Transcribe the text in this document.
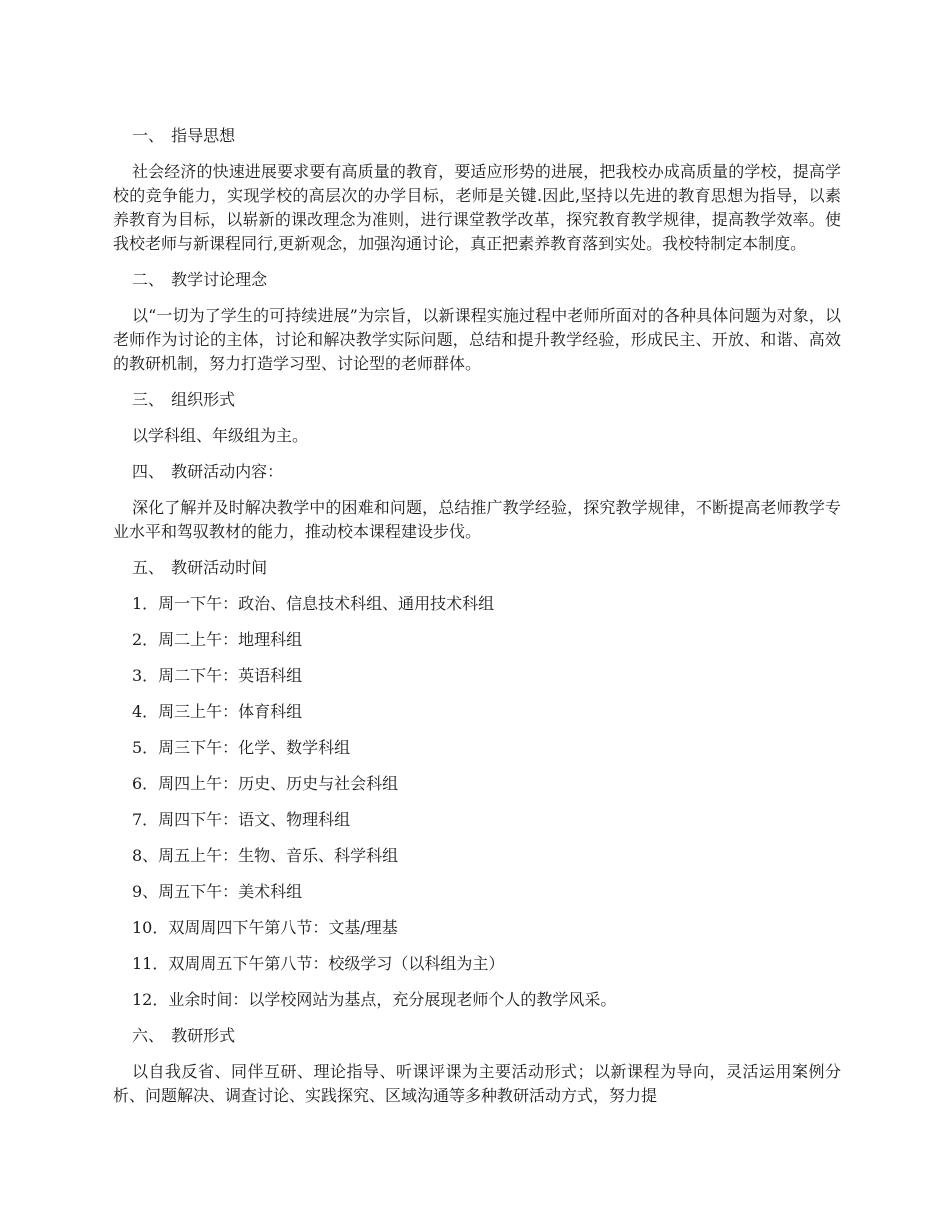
一、 指导思想
社会经济的快速进展要求要有高质量的教育，要适应形势的进展，把我校办成高质量的学校，提高学校的竞争能力，实现学校的高层次的办学目标，老师是关键.因此,坚持以先进的教育思想为指导，以素养教育为目标，以崭新的课改理念为准则，进行课堂教学改革，探究教育教学规律，提高教学效率。使我校老师与新课程同行,更新观念，加强沟通讨论，真正把素养教育落到实处。我校特制定本制度。
二、 教学讨论理念
以“一切为了学生的可持续进展”为宗旨，以新课程实施过程中老师所面对的各种具体问题为对象，以老师作为讨论的主体，讨论和解决教学实际问题，总结和提升教学经验，形成民主、开放、和谐、高效的教研机制，努力打造学习型、讨论型的老师群体。
三、 组织形式
以学科组、年级组为主。
四、 教研活动内容：
深化了解并及时解决教学中的困难和问题，总结推广教学经验，探究教学规律，不断提高老师教学专业水平和驾驭教材的能力，推动校本课程建设步伐。
五、 教研活动时间
1．周一下午：政治、信息技术科组、通用技术科组
2．周二上午：地理科组
3．周二下午：英语科组
4．周三上午：体育科组
5．周三下午：化学、数学科组
6．周四上午：历史、历史与社会科组
7．周四下午：语文、物理科组
8、周五上午：生物、音乐、科学科组
9、周五下午：美术科组
10．双周周四下午第八节：文基/理基
11．双周周五下午第八节：校级学习（以科组为主）
12．业余时间：以学校网站为基点，充分展现老师个人的教学风采。
六、 教研形式
以自我反省、同伴互研、理论指导、听课评课为主要活动形式；以新课程为导向，灵活运用案例分析、问题解决、调查讨论、实践探究、区域沟通等多种教研活动方式，努力提
